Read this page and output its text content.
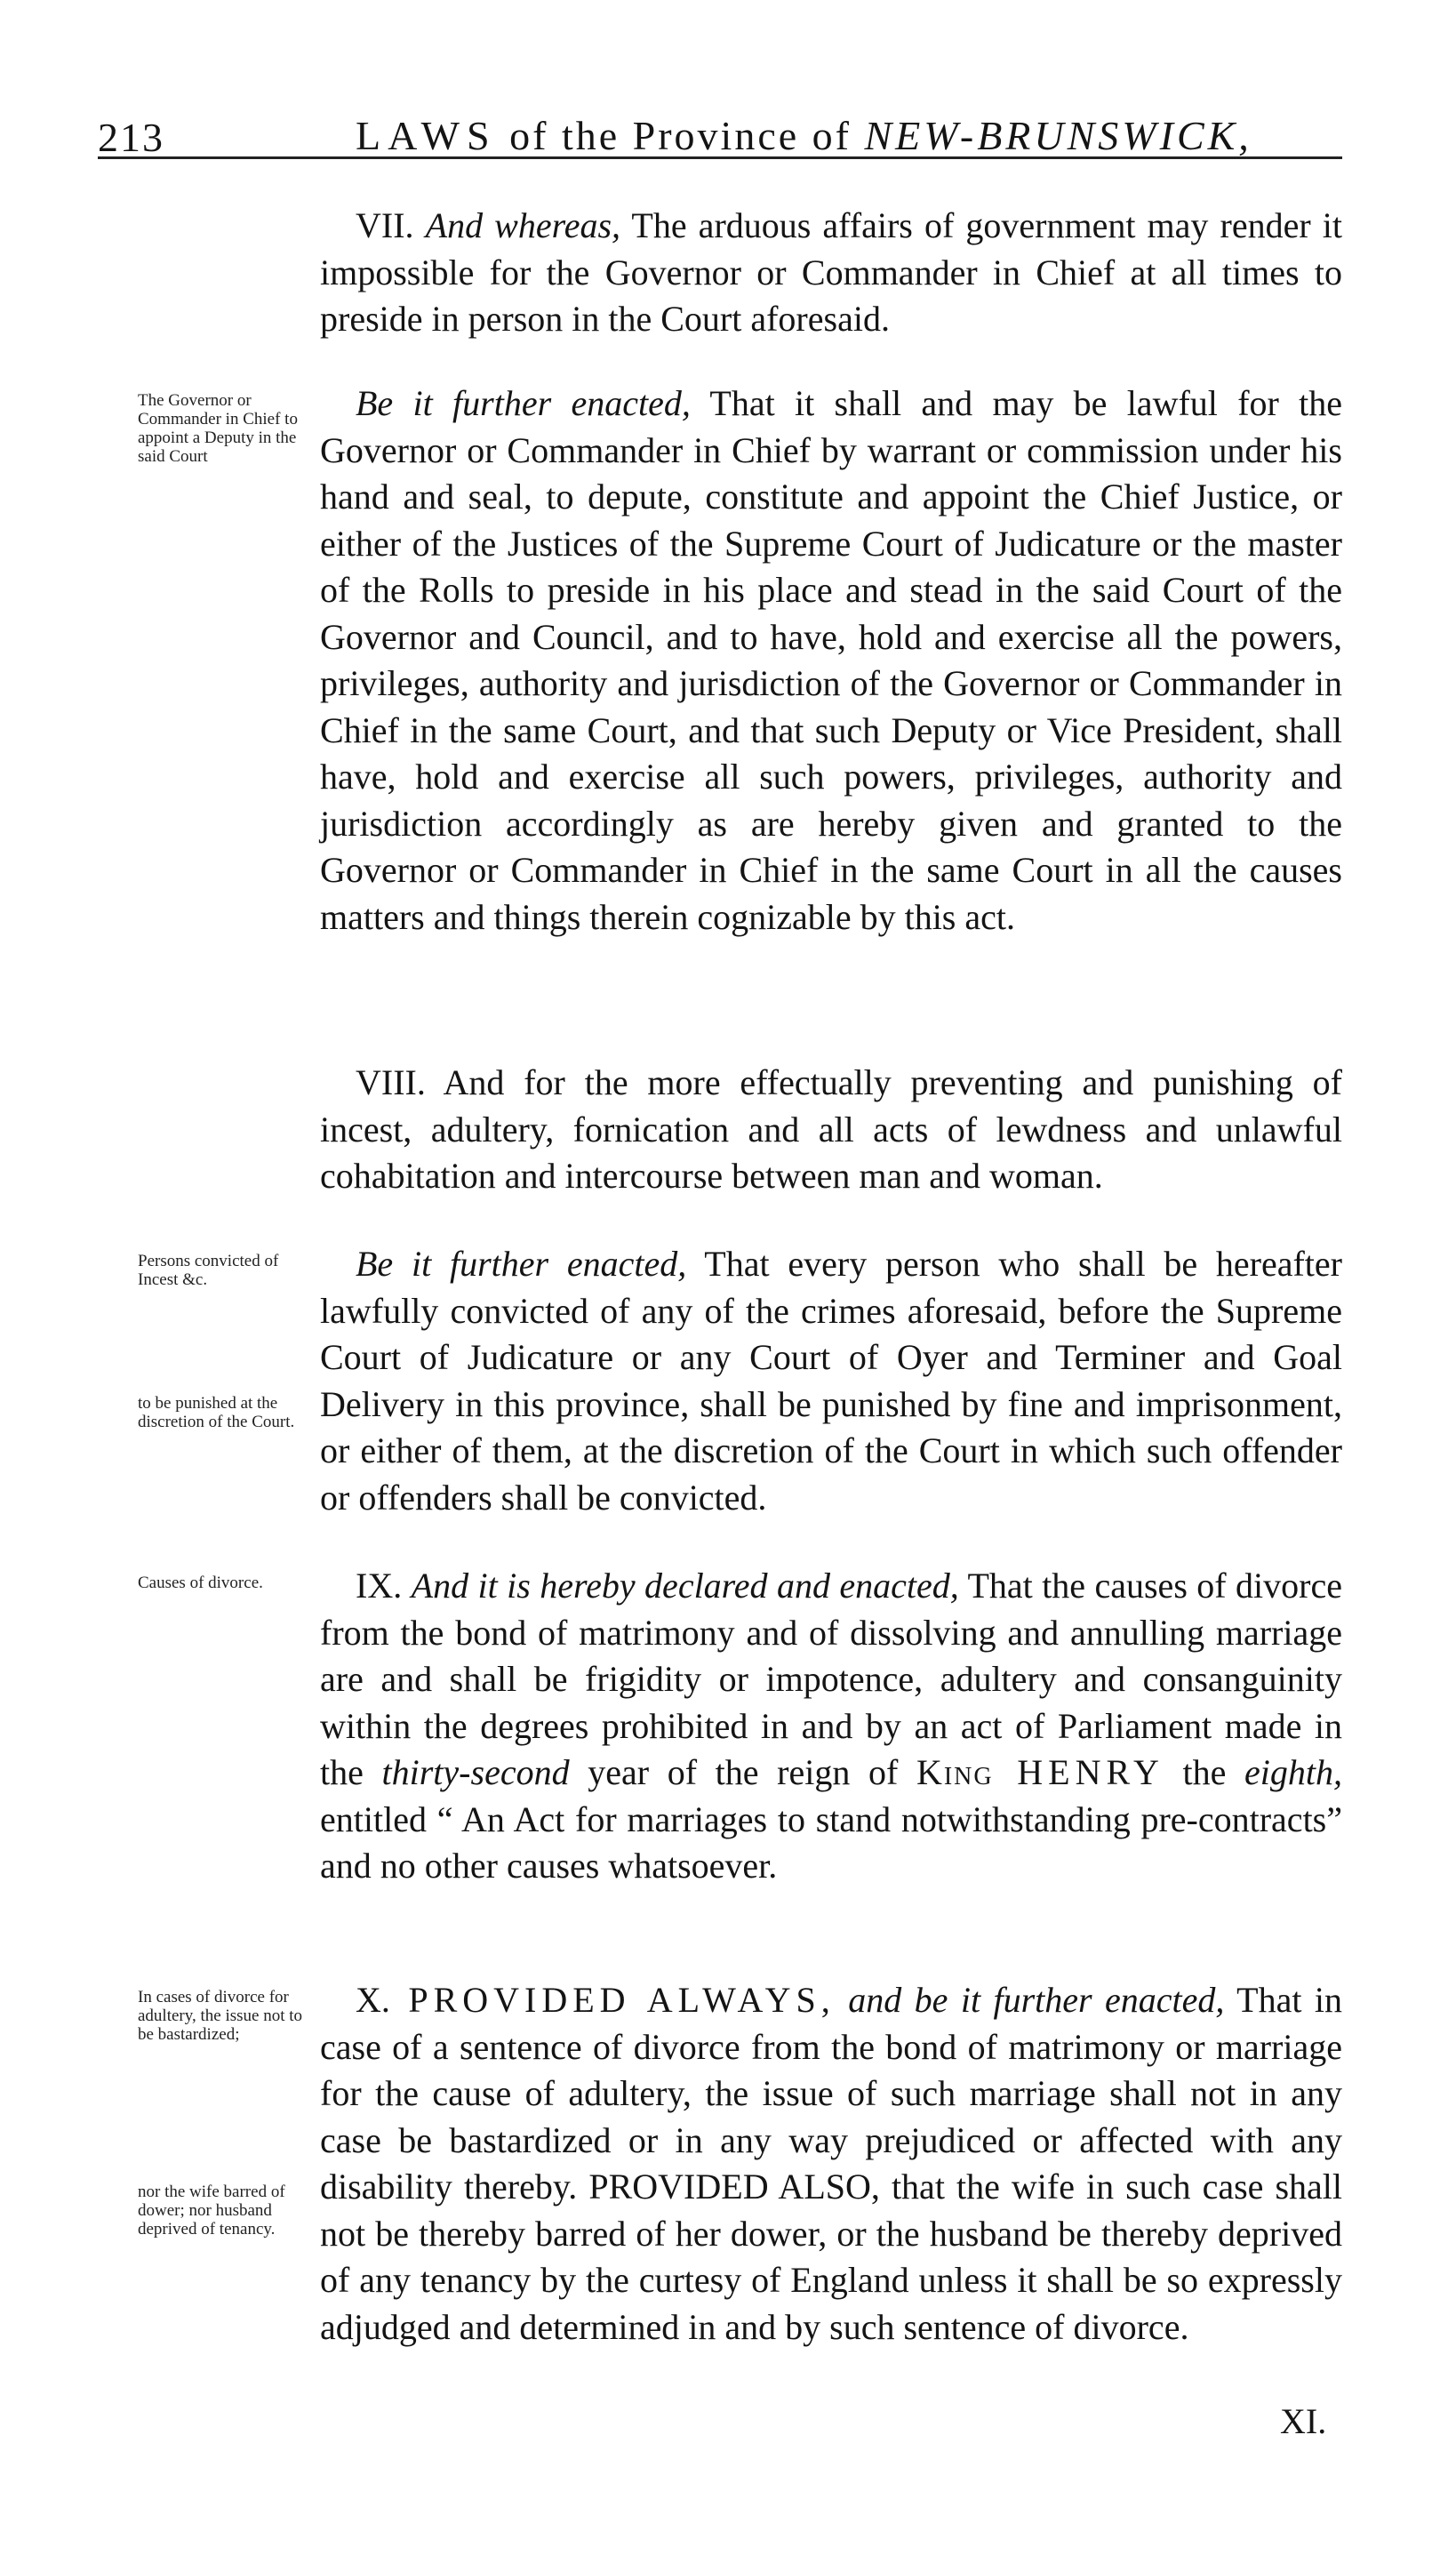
213	LAWS of the Province of NEW-BRUNSWICK,

VII. And whereas, The arduous affairs of government may render it impossible for the Governor or Commander in Chief at all times to preside in person in the Court aforesaid.

The Governor or Commander in Chief to appoint a Deputy in the said Court

Be it further enacted, That it shall and may be lawful for the Governor or Commander in Chief by warrant or commission under his hand and seal, to depute, constitute and appoint the Chief Justice, or either of the Justices of the Supreme Court of Judicature or the master of the Rolls to preside in his place and stead in the said Court of the Governor and Council, and to have, hold and exercise all the powers, privileges, authority and jurisdiction of the Governor or Commander in Chief in the same Court, and that such Deputy or Vice President, shall have, hold and exercise all such powers, privileges, authority and jurisdiction accordingly as are hereby given and granted to the Governor or Commander in Chief in the same Court in all the causes matters and things therein cognizable by this act.

VIII. And for the more effectually preventing and punishing of incest, adultery, fornication and all acts of lewdness and unlawful cohabitation and intercourse between man and woman.

Persons convicted of Incest &c.	Be it further enacted, That every person who shall be hereafter lawfully convicted of any of the crimes aforesaid, before the Supreme Court of Judicature or any Court of Oyer and Terminer and Goal Delivery in this province, shall be punished by fine and imprisonment, or either of them, at the discretion of the Court in which such offender or offenders shall be convicted.

to be punished at the discretion of the Court.
Causes of divorce.	IX. And it is hereby declared and enacted, That the causes of divorce from the bond of matrimony and of dissolving and annulling marriage are and shall be frigidity or impotence, adultery and consanguinity within the degrees prohibited in and by an act of Parliament made in the thirty-second year of the reign of King HENRY the eighth, entitled “ An Act for marriages to stand notwithstanding pre-contracts” and no other causes whatsoever.

In cases of divorce for adultery, the issue not to be bastardized;

X. PROVIDED ALWAYS, and be it further enacted, That in case of a sentence of divorce from the bond of matrimony or marriage for the cause of adultery, the issue of such marriage shall not in any case be bastardized or in any way prejudiced or affected with any disability thereby. PROVIDED ALSO, that the wife in such case shall not be thereby barred of her dower, or the husband be thereby deprived of any tenancy by the curtesy of England unless it shall be so expressly adjudged and determined in and by such sentence of divorce.

nor the wife barred of dower; nor husband deprived of tenancy.
XI.
